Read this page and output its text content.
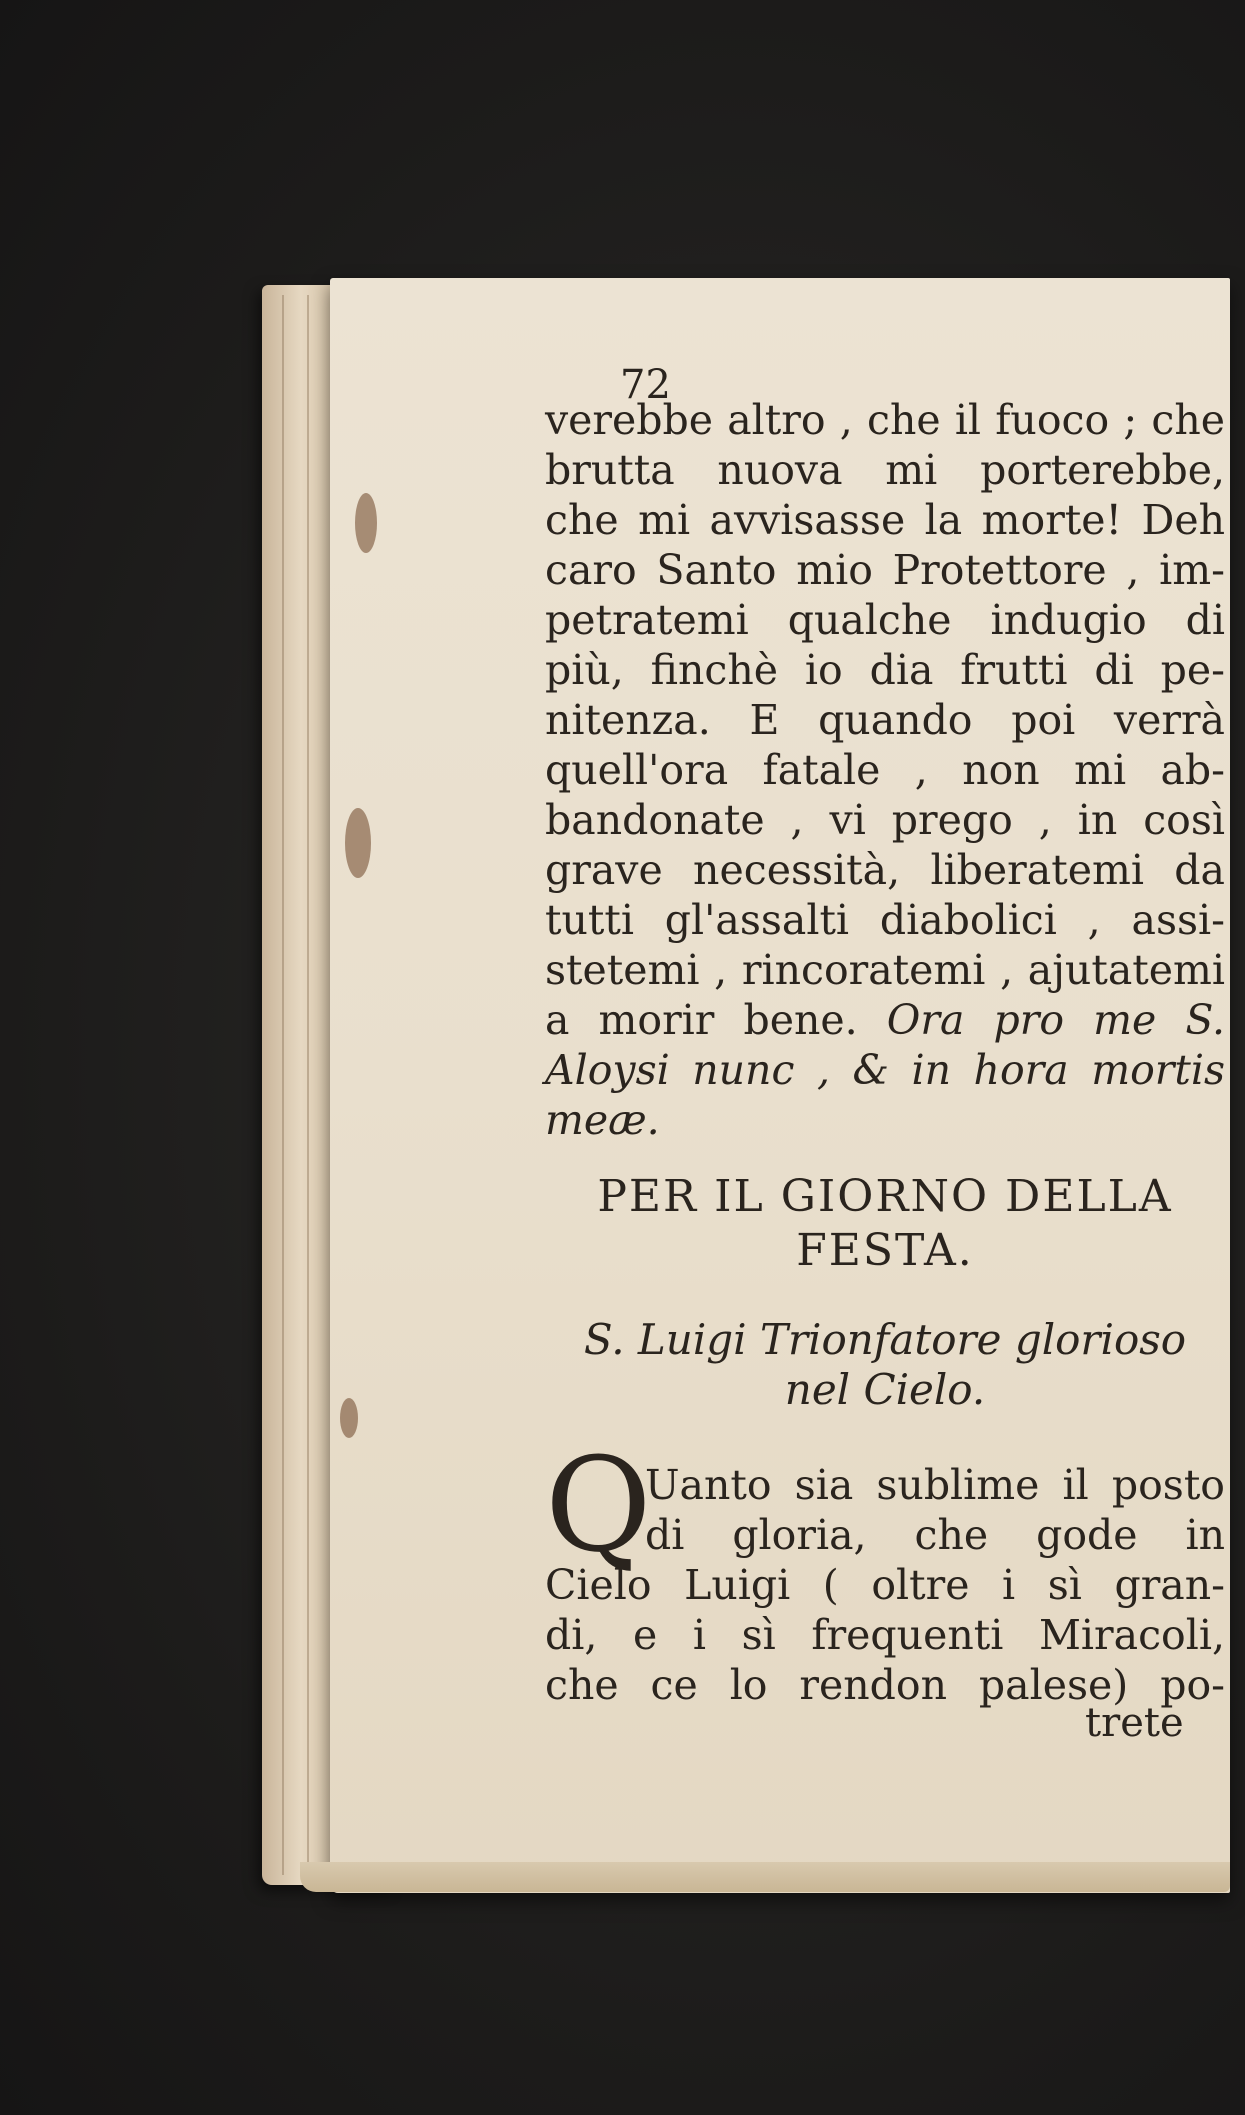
72
verebbe altro , che il fuoco ; che
brutta nuova mi porterebbe,
che mi avvisasse la morte! Deh
caro Santo mio Protettore , im-
petratemi qualche indugio di
più, finchè io dia frutti di pe-
nitenza. E quando poi verrà
quell'ora fatale , non mi ab-
bandonate , vi prego , in così
grave necessità, liberatemi da
tutti gl'assalti diabolici , assi-
stetemi , rincoratemi , ajutatemi
a morir bene. Ora pro me S.
Aloysi nunc , & in hora mortis
meæ.
PER IL GIORNO DELLA
FESTA.
S. Luigi Trionfatore glorioso
nel Cielo.
Q
Uanto sia sublime il posto
di gloria, che gode in
Cielo Luigi ( oltre i sì gran-
di, e i sì frequenti Miracoli,
che ce lo rendon palese) po-
trete
